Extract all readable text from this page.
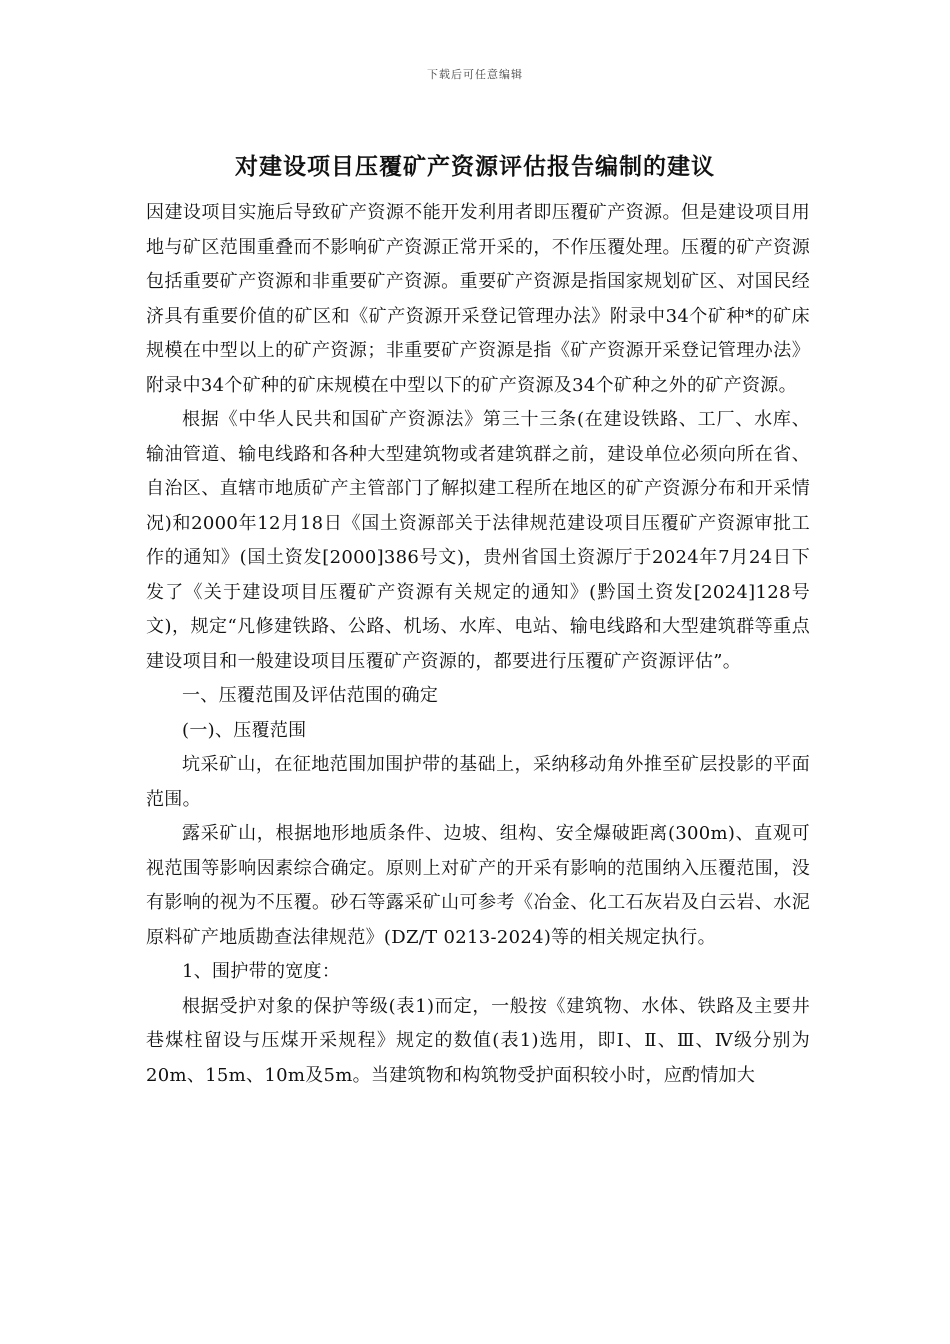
下载后可任意编辑
对建设项目压覆矿产资源评估报告编制的建议

因建设项目实施后导致矿产资源不能开发利用者即压覆矿产资源。但是建设项目用地与矿区范围重叠而不影响矿产资源正常开采的，不作压覆处理。压覆的矿产资源包括重要矿产资源和非重要矿产资源。重要矿产资源是指国家规划矿区、对国民经济具有重要价值的矿区和《矿产资源开采登记管理办法》附录中34个矿种*的矿床规模在中型以上的矿产资源；非重要矿产资源是指《矿产资源开采登记管理办法》附录中34个矿种的矿床规模在中型以下的矿产资源及34个矿种之外的矿产资源。

根据《中华人民共和国矿产资源法》第三十三条(在建设铁路、工厂、水库、输油管道、输电线路和各种大型建筑物或者建筑群之前，建设单位必须向所在省、自治区、直辖市地质矿产主管部门了解拟建工程所在地区的矿产资源分布和开采情况)和2000年12月18日《国土资源部关于法律规范建设项目压覆矿产资源审批工作的通知》(国土资发[2000]386号文)，贵州省国土资源厅于2024年7月24日下发了《关于建设项目压覆矿产资源有关规定的通知》(黔国土资发[2024]128号文)，规定“凡修建铁路、公路、机场、水库、电站、输电线路和大型建筑群等重点建设项目和一般建设项目压覆矿产资源的，都要进行压覆矿产资源评估”。

一、压覆范围及评估范围的确定

(一)、压覆范围

坑采矿山，在征地范围加围护带的基础上，采纳移动角外推至矿层投影的平面范围。

露采矿山，根据地形地质条件、边坡、组构、安全爆破距离(300m)、直观可视范围等影响因素综合确定。原则上对矿产的开采有影响的范围纳入压覆范围，没有影响的视为不压覆。砂石等露采矿山可参考《冶金、化工石灰岩及白云岩、水泥原料矿产地质勘查法律规范》(DZ/T 0213-2024)等的相关规定执行。

1、围护带的宽度：

根据受护对象的保护等级(表1)而定，一般按《建筑物、水体、铁路及主要井巷煤柱留设与压煤开采规程》规定的数值(表1)选用，即Ⅰ、Ⅱ、Ⅲ、Ⅳ级分别为20m、15m、10m及5m。当建筑物和构筑物受护面积较小时，应酌情加大
